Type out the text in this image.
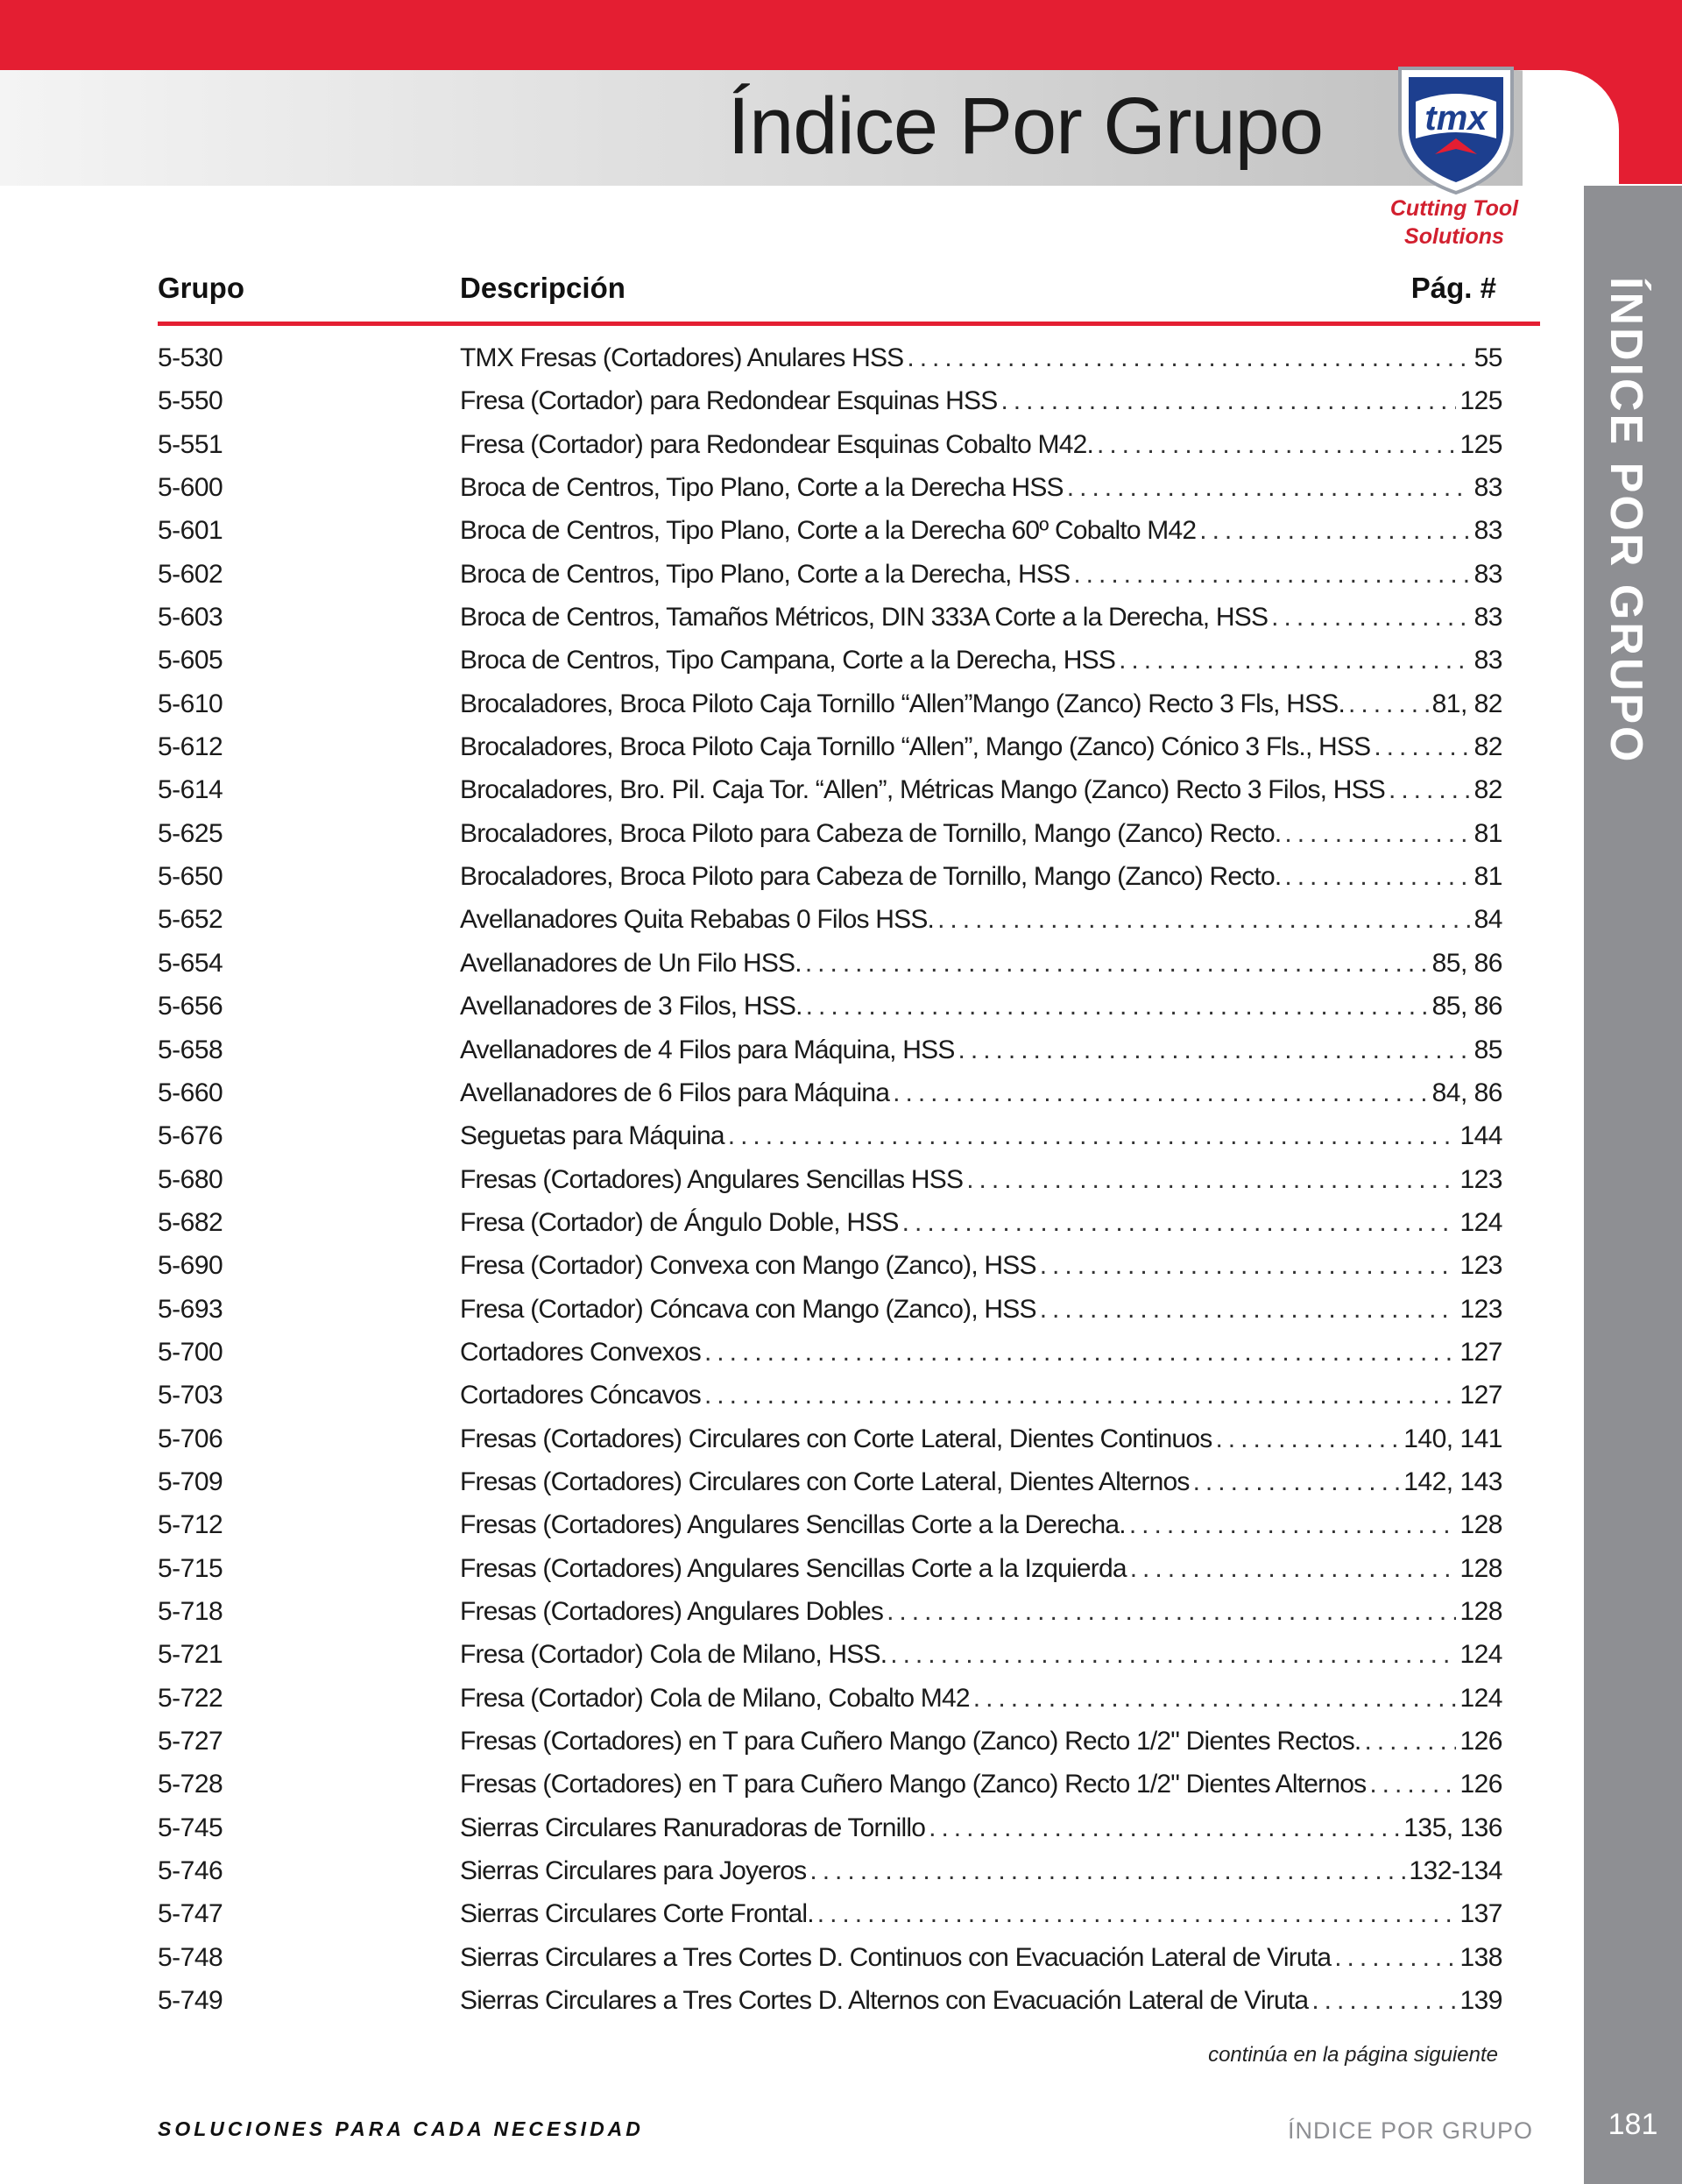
Índice Por Grupo	tmx
Cutting Tool
Solutions
ÍNDICE POR GRUPO
Grupo	Descripción	Pág. #
5-530	TMX Fresas (Cortadores) Anulares HSS .....	55
5-550	Fresa (Cortador) para Redondear Esquinas HSS .....	125
5-551	Fresa (Cortador) para Redondear Esquinas Cobalto M42. .....	125
5-600	Broca de Centros, Tipo Plano, Corte a la Derecha HSS .....	83
5-601	Broca de Centros, Tipo Plano, Corte a la Derecha 60º Cobalto M42 .....	83
5-602	Broca de Centros, Tipo Plano, Corte a la Derecha, HSS .....	83
5-603	Broca de Centros, Tamaños Métricos, DIN 333A Corte a la Derecha, HSS .....	83
5-605	Broca de Centros, Tipo Campana, Corte a la Derecha, HSS .....	83
5-610	Brocaladores, Broca Piloto Caja Tornillo “Allen”Mango (Zanco) Recto 3 Fls, HSS. .....	81, 82
5-612	Brocaladores, Broca Piloto Caja Tornillo “Allen”, Mango (Zanco) Cónico 3 Fls., HSS .....	82
5-614	Brocaladores, Bro. Pil. Caja Tor. “Allen”, Métricas Mango (Zanco) Recto 3 Filos, HSS .....	82
5-625	Brocaladores, Broca Piloto para Cabeza de Tornillo, Mango (Zanco) Recto. .....	81
5-650	Brocaladores, Broca Piloto para Cabeza de Tornillo, Mango (Zanco) Recto. .....	81
5-652	Avellanadores Quita Rebabas 0 Filos HSS. .....	84
5-654	Avellanadores de Un Filo HSS. .....	85, 86
5-656	Avellanadores de 3 Filos, HSS. .....	85, 86
5-658	Avellanadores de 4 Filos para Máquina, HSS .....	85
5-660	Avellanadores de 6 Filos para Máquina .....	84, 86
5-676	Seguetas para Máquina .....	144
5-680	Fresas (Cortadores) Angulares Sencillas HSS .....	123
5-682	Fresa (Cortador) de Ángulo Doble, HSS .....	124
5-690	Fresa (Cortador) Convexa con Mango (Zanco), HSS .....	123
5-693	Fresa (Cortador) Cóncava con Mango (Zanco), HSS .....	123
5-700	Cortadores Convexos .....	127
5-703	Cortadores Cóncavos .....	127
5-706	Fresas (Cortadores) Circulares con Corte Lateral, Dientes Continuos .....	140, 141
5-709	Fresas (Cortadores) Circulares con Corte Lateral, Dientes Alternos .....	142, 143
5-712	Fresas (Cortadores) Angulares Sencillas Corte a la Derecha. .....	128
5-715	Fresas (Cortadores) Angulares Sencillas Corte a la Izquierda .....	128
5-718	Fresas (Cortadores) Angulares Dobles .....	128
5-721	Fresa (Cortador) Cola de Milano, HSS. .....	124
5-722	Fresa (Cortador) Cola de Milano, Cobalto M42 .....	124
5-727	Fresas (Cortadores) en T para Cuñero Mango (Zanco) Recto 1/2" Dientes Rectos. .....	126
5-728	Fresas (Cortadores) en T para Cuñero Mango (Zanco) Recto 1/2" Dientes Alternos .....	126
5-745	Sierras Circulares Ranuradoras de Tornillo .....	135, 136
5-746	Sierras Circulares para Joyeros .....	132-134
5-747	Sierras Circulares Corte Frontal. .....	137
5-748	Sierras Circulares a Tres Cortes D. Continuos con Evacuación Lateral de Viruta .....	138
5-749	Sierras Circulares a Tres Cortes D. Alternos con Evacuación Lateral de Viruta .....	139
continúa en la página siguiente
SOLUCIONES PARA CADA NECESIDAD	ÍNDICE POR GRUPO	181
